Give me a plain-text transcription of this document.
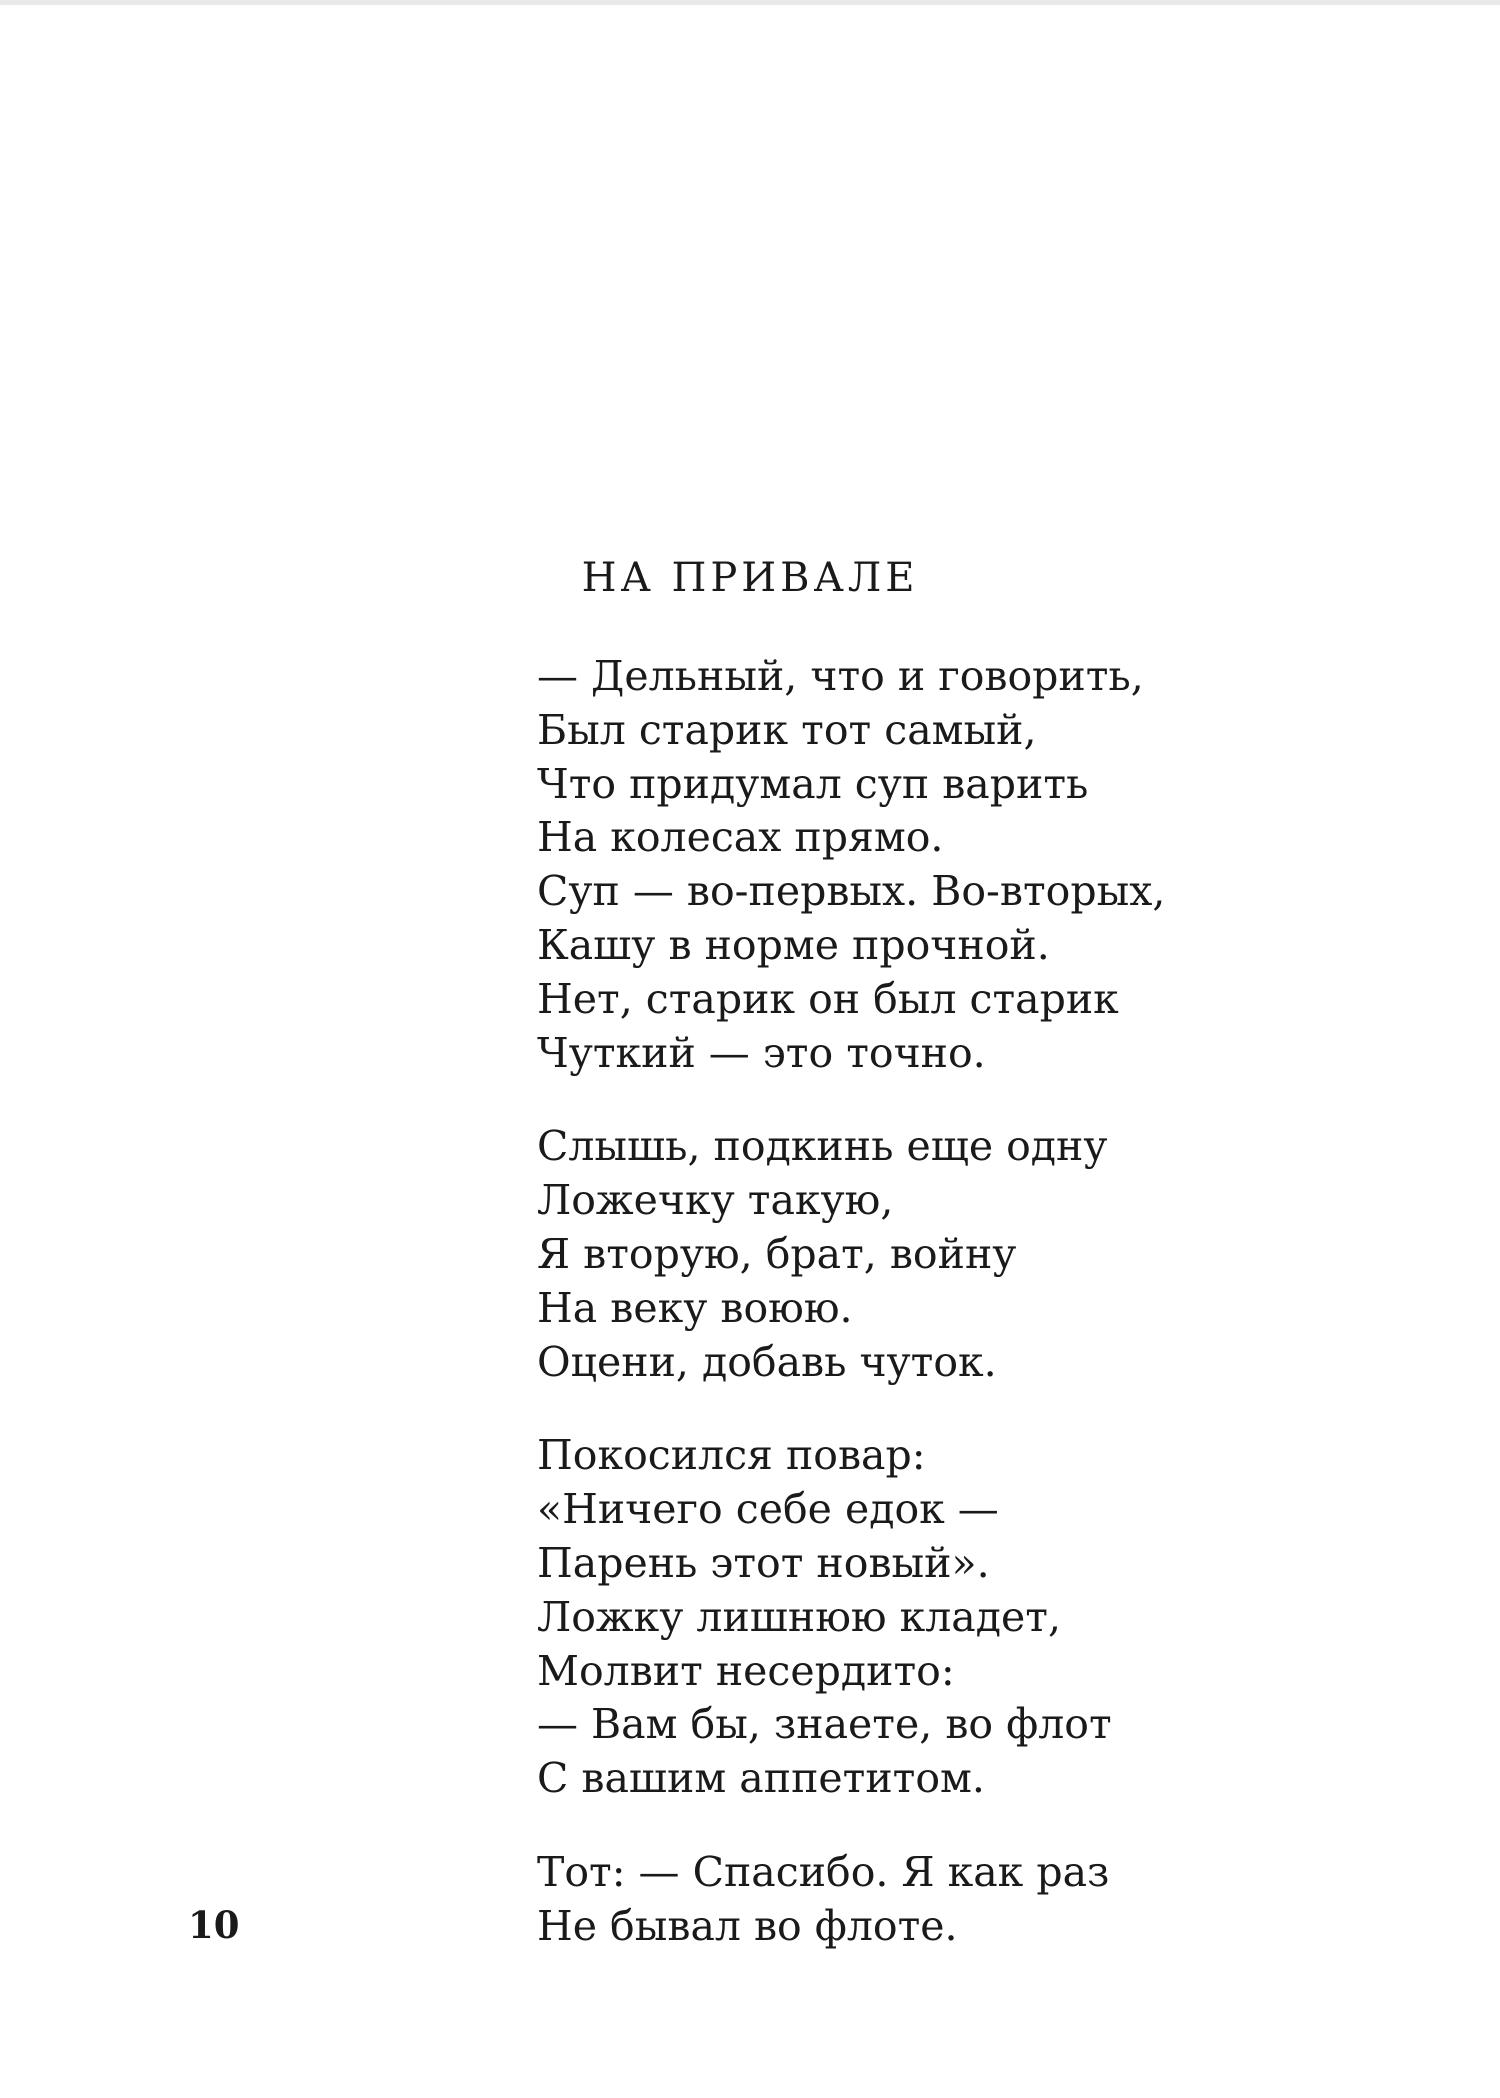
НА ПРИВАЛЕ
— Дельный, что и говорить,
Был старик тот самый,
Что придумал суп варить
На колесах прямо.
Суп — во-первых. Во-вторых,
Кашу в норме прочной.
Нет, старик он был старик
Чуткий — это точно.
Слышь, подкинь еще одну
Ложечку такую,
Я вторую, брат, войну
На веку воюю.
Оцени, добавь чуток.
Покосился повар:
«Ничего себе едок —
Парень этот новый».
Ложку лишнюю кладет,
Молвит несердито:
— Вам бы, знаете, во флот
С вашим аппетитом.
Тот: — Спасибо. Я как раз
Не бывал во флоте.
10
